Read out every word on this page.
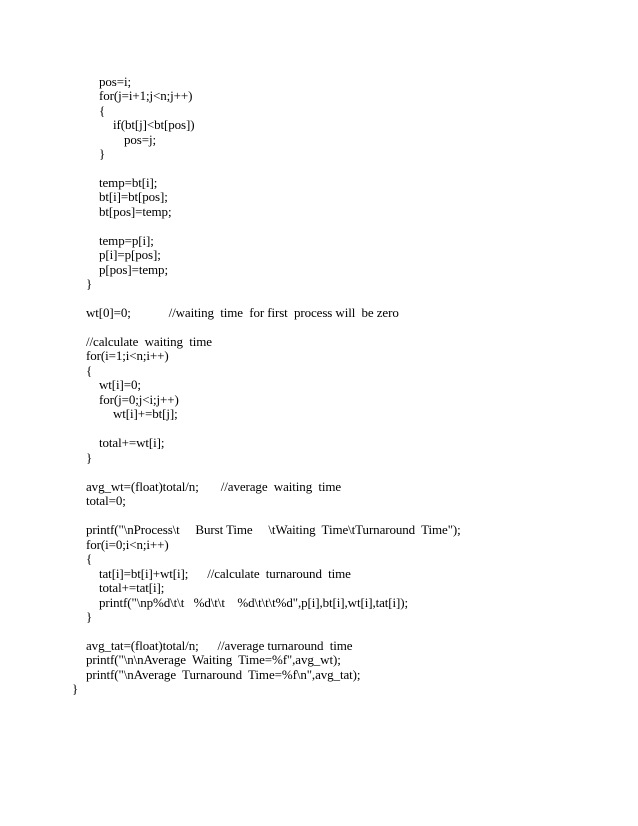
pos=i;
for(j=i+1;j<n;j++)
{
if(bt[j]<bt[pos])
pos=j;
}
temp=bt[i];
bt[i]=bt[pos];
bt[pos]=temp;
temp=p[i];
p[i]=p[pos];
p[pos]=temp;
}
wt[0]=0;            //waiting  time  for first  process will  be zero
//calculate  waiting  time
for(i=1;i<n;i++)
{
wt[i]=0;
for(j=0;j<i;j++)
wt[i]+=bt[j];
total+=wt[i];
}
avg_wt=(float)total/n;       //average  waiting  time
total=0;
printf("\nProcess\t     Burst Time     \tWaiting  Time\tTurnaround  Time");
for(i=0;i<n;i++)
{
tat[i]=bt[i]+wt[i];      //calculate  turnaround  time
total+=tat[i];
printf("\np%d\t\t   %d\t\t    %d\t\t\t%d",p[i],bt[i],wt[i],tat[i]);
}
avg_tat=(float)total/n;      //average turnaround  time
printf("\n\nAverage  Waiting  Time=%f",avg_wt);
printf("\nAverage  Turnaround  Time=%f\n",avg_tat);
}
